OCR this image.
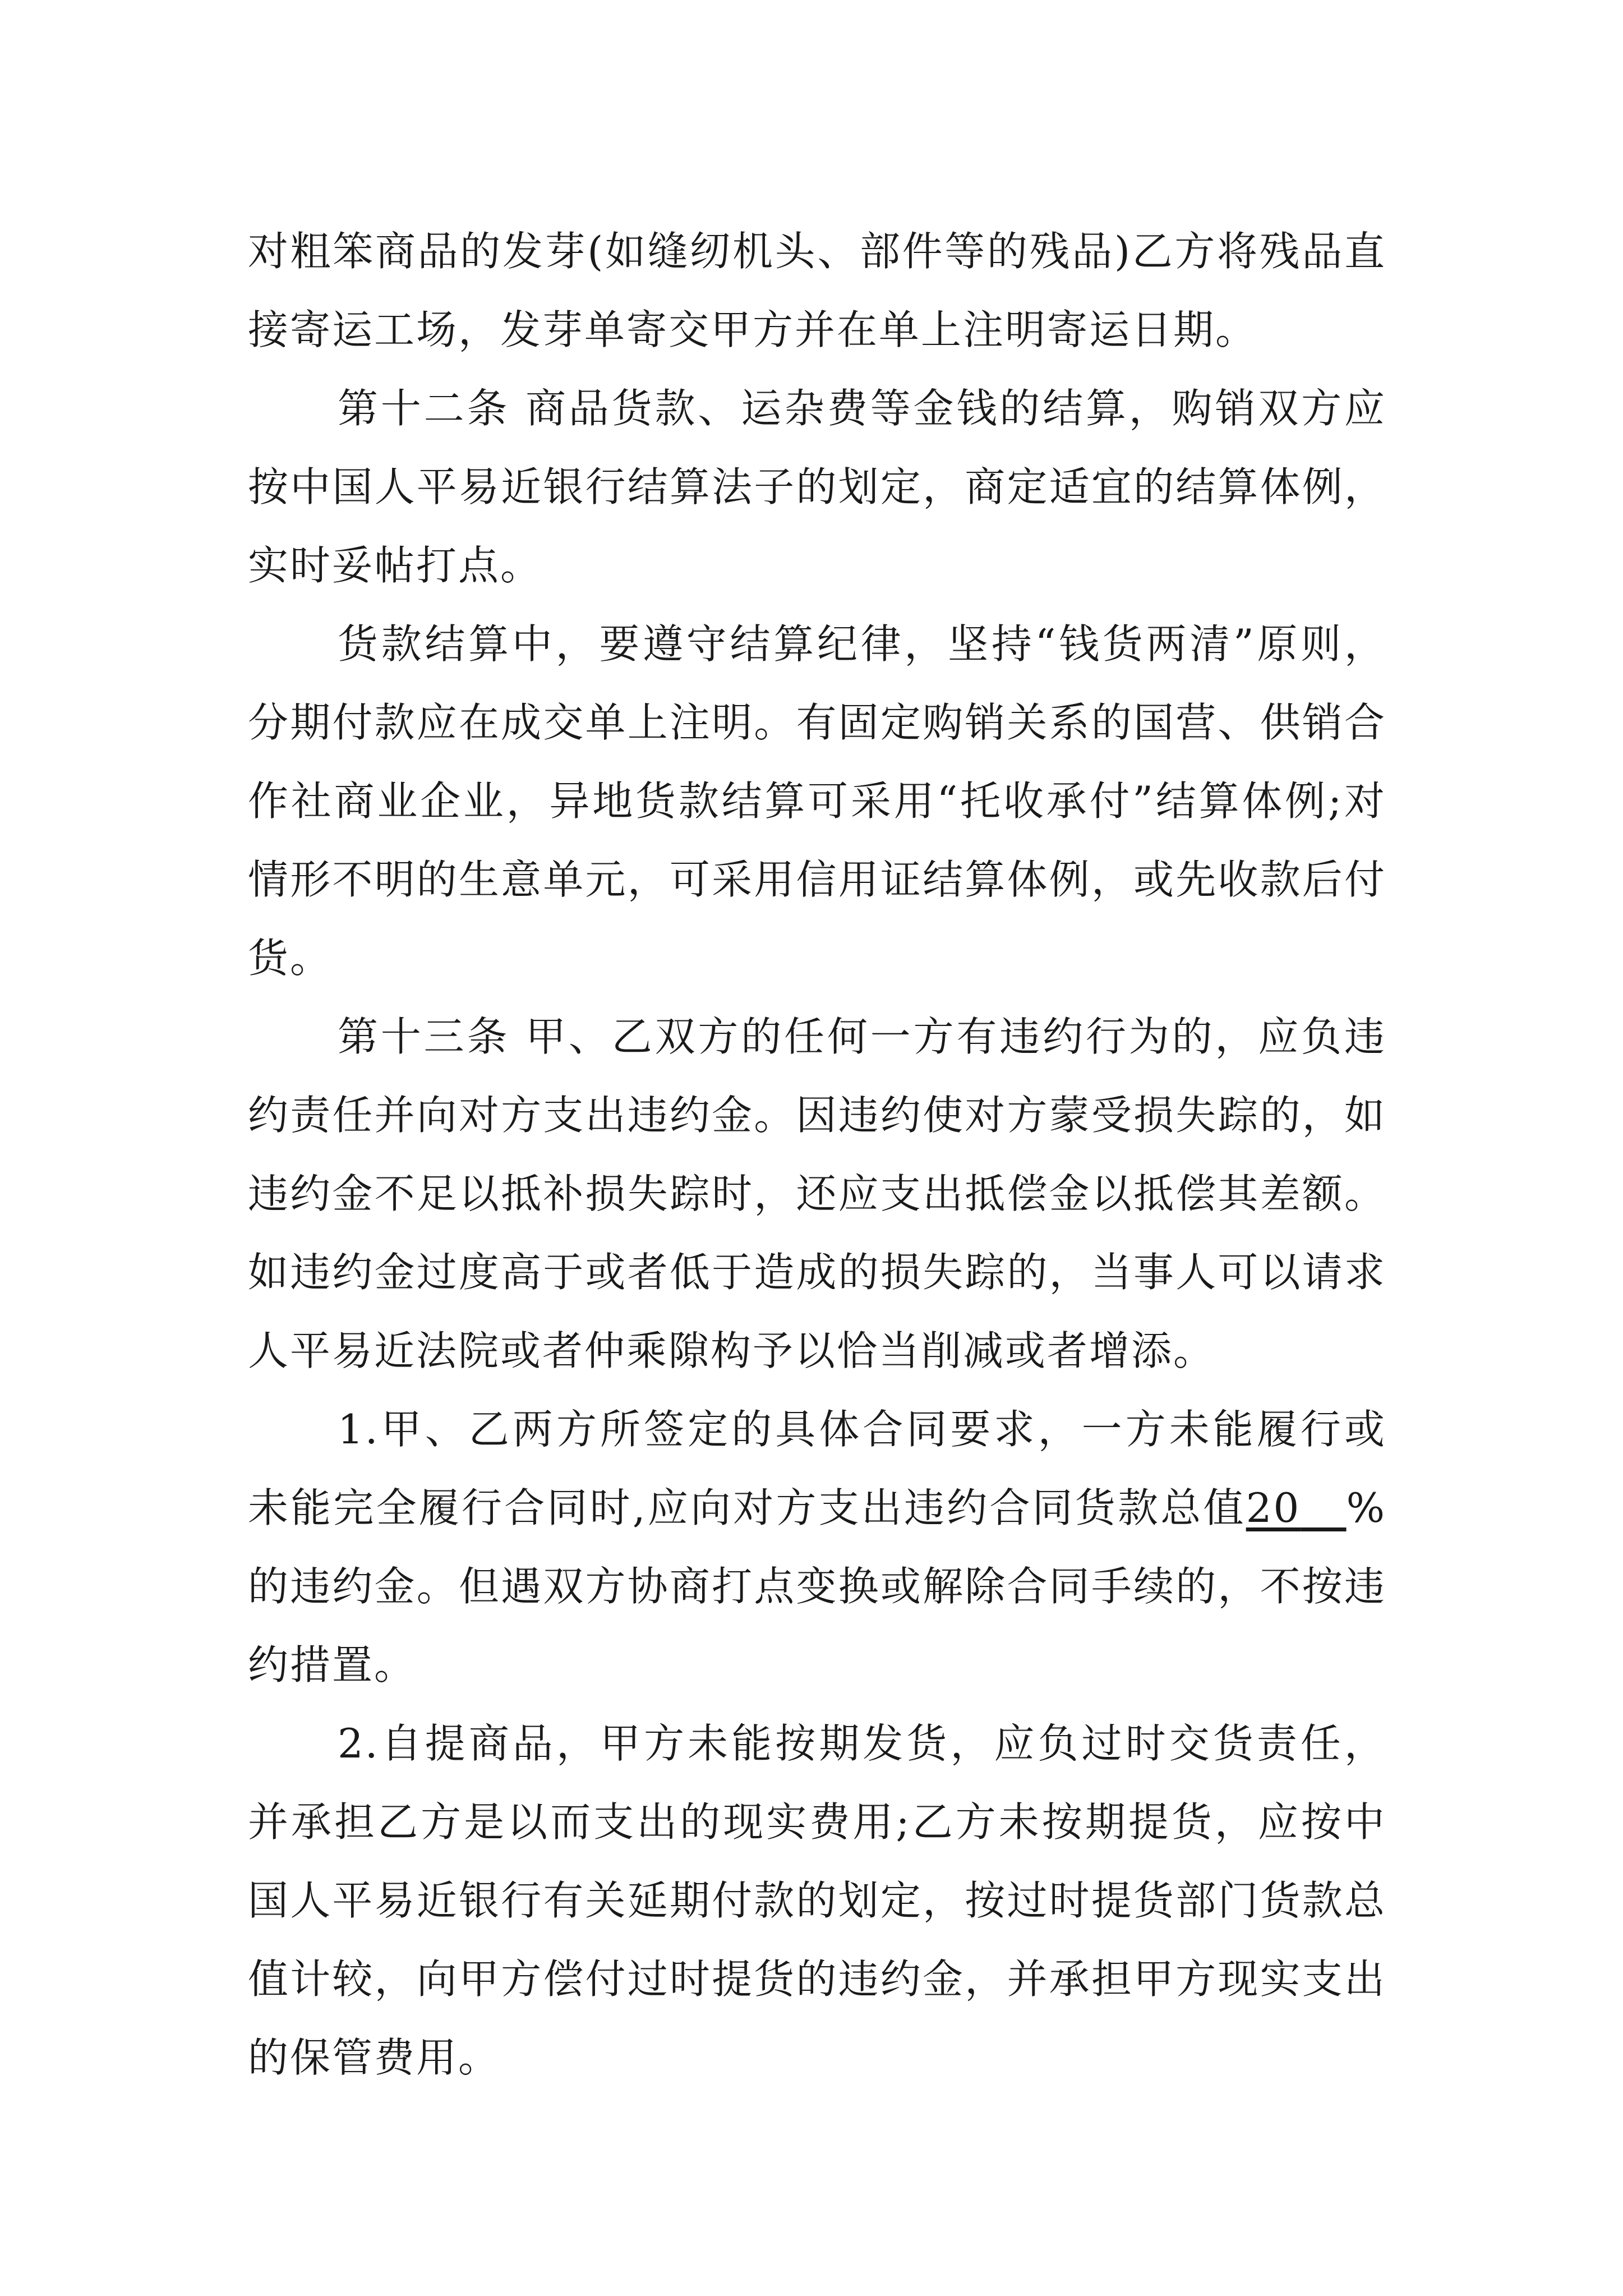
对粗笨商品的发芽(如缝纫机头、部件等的残品)乙方将残品直接寄运工场，发芽单寄交甲方并在单上注明寄运日期。

第十二条 商品货款、运杂费等金钱的结算，购销双方应按中国人平易近银行结算法子的划定，商定适宜的结算体例，实时妥帖打点。

货款结算中，要遵守结算纪律，坚持“钱货两清”原则，分期付款应在成交单上注明。有固定购销关系的国营、供销合作社商业企业，异地货款结算可采用“托收承付”结算体例;对情形不明的生意单元，可采用信用证结算体例，或先收款后付货。

第十三条 甲、乙双方的任何一方有违约行为的，应负违约责任并向对方支出违约金。因违约使对方蒙受损失踪的，如违约金不足以抵补损失踪时，还应支出抵偿金以抵偿其差额。如违约金过度高于或者低于造成的损失踪的，当事人可以请求人平易近法院或者仲乘隙构予以恰当削减或者增添。

1.甲、乙两方所签定的具体合同要求，一方未能履行或未能完全履行合同时,应向对方支出违约合同货款总值20 %的违约金。但遇双方协商打点变换或解除合同手续的，不按违约措置。

2.自提商品，甲方未能按期发货，应负过时交货责任，并承担乙方是以而支出的现实费用;乙方未按期提货，应按中国人平易近银行有关延期付款的划定，按过时提货部门货款总值计较，向甲方偿付过时提货的违约金，并承担甲方现实支出的保管费用。
